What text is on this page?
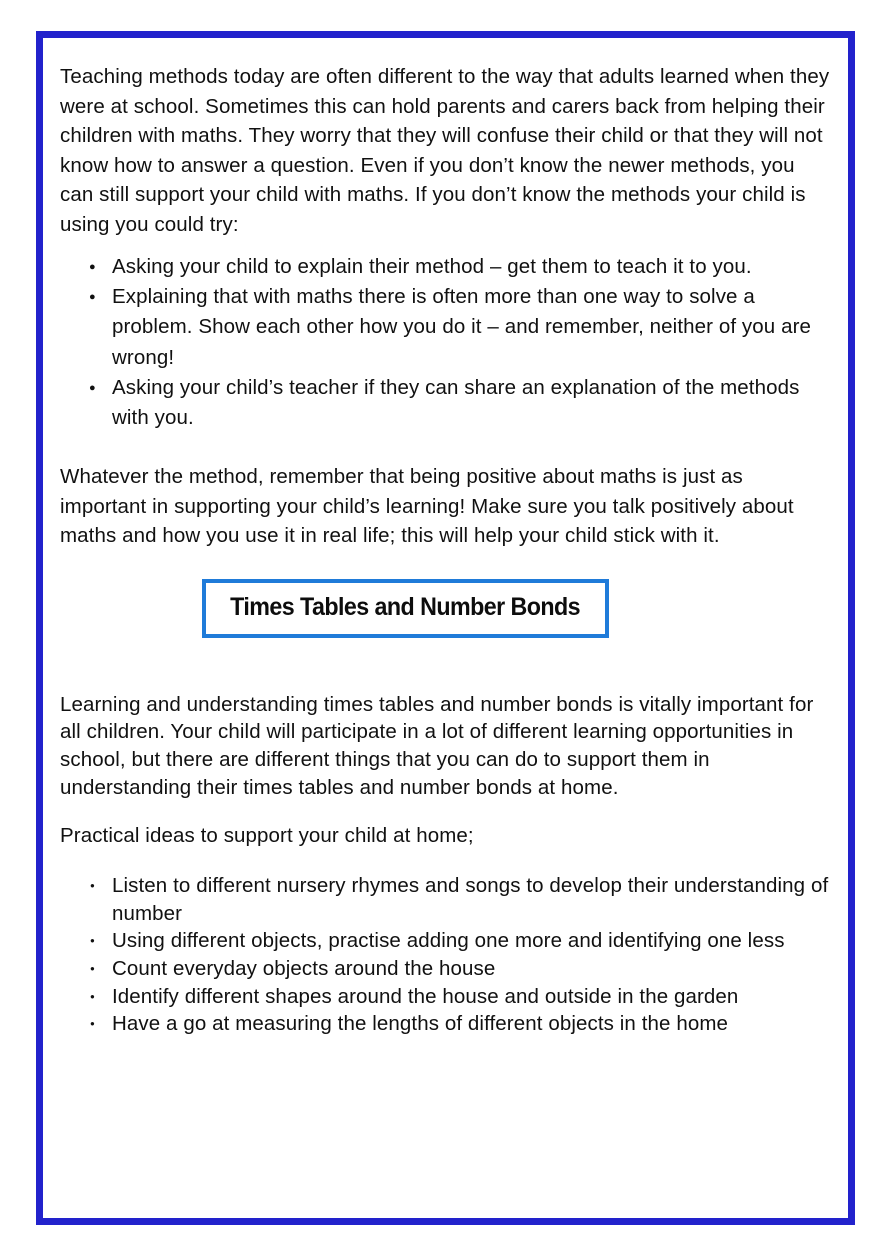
Teaching methods today are often different to the way that adults learned when they were at school. Sometimes this can hold parents and carers back from helping their children with maths. They worry that they will confuse their child or that they will not know how to answer a question. Even if you don’t know the newer methods, you can still support your child with maths. If you don’t know the methods your child is using you could try:

● Asking your child to explain their method – get them to teach it to you.
● Explaining that with maths there is often more than one way to solve a problem. Show each other how you do it – and remember, neither of you are wrong!
● Asking your child’s teacher if they can share an explanation of the methods with you.

Whatever the method, remember that being positive about maths is just as important in supporting your child’s learning! Make sure you talk positively about maths and how you use it in real life; this will help your child stick with it.

Times Tables and Number Bonds

Learning and understanding times tables and number bonds is vitally important for all children. Your child will participate in a lot of different learning opportunities in school, but there are different things that you can do to support them in understanding their times tables and number bonds at home.

Practical ideas to support your child at home;

● Listen to different nursery rhymes and songs to develop their understanding of number
● Using different objects, practise adding one more and identifying one less
● Count everyday objects around the house
● Identify different shapes around the house and outside in the garden
● Have a go at measuring the lengths of different objects in the home
